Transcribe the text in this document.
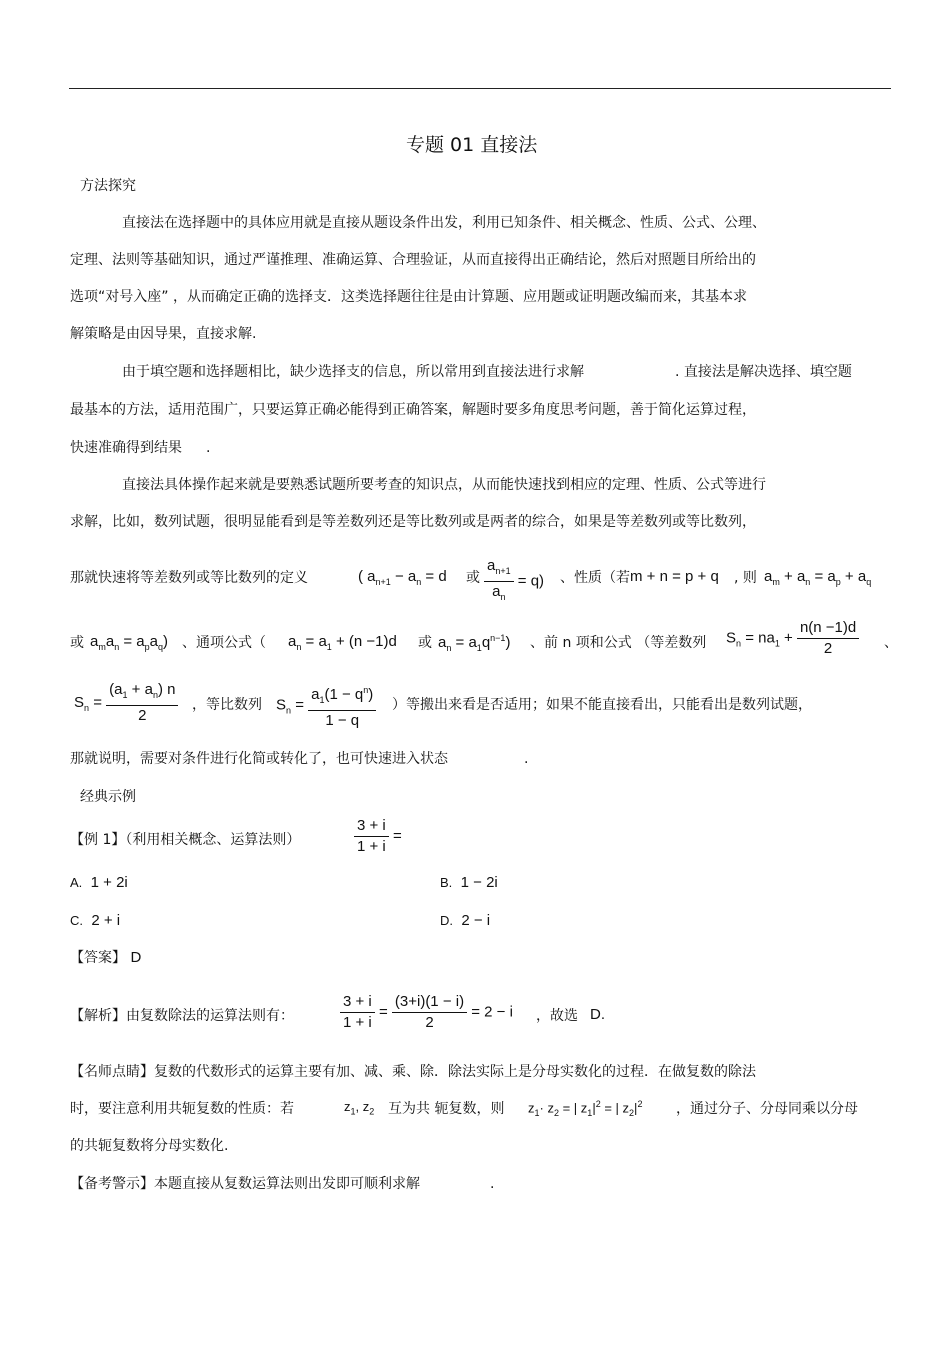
专题 01 直接法
方法探究
直接法在选择题中的具体应用就是直接从题设条件出发，利用已知条件、相关概念、性质、公式、公理、
定理、法则等基础知识，通过严谨推理、准确运算、合理验证，从而直接得出正确结论，然后对照题目所给出的
选项“对号入座” ，从而确定正确的选择支．这类选择题往往是由计算题、应用题或证明题改编而来，其基本求
解策略是由因导果，直接求解.
由于填空题和选择题相比，缺少选择支的信息，所以常用到直接法进行求解	. 直接法是解决选择、填空题
最基本的方法，适用范围广，只要运算正确必能得到正确答案，解题时要多角度思考问题，善于简化运算过程，
快速准确得到结果 .
直接法具体操作起来就是要熟悉试题所要考查的知识点，从而能快速找到相应的定理、性质、公式等进行
求解，比如，数列试题，很明显能看到是等差数列还是等比数列或是两者的综合，如果是等差数列或等比数列，
那就快速将等差数列或等比数列的定义	( $a_{n+1} - a_n = d$ 或 $\frac{a_{n+1}}{a_n} = q$) 、性质（若 m + n = p + q , 则 $a_m + a_n = a_p + a_q$
或 $a_ma_n = a_pa_q$) 、通项公式（ $a_n = a_1 + (n -1)d$ 或 $a_n = a_1q^{n-1}$) 、前 n 项和公式 （等差数列 $S_n = na_1 + \frac{n(n -1)d}{2}$ 、
$S_n = \frac{(a_1 + a_n) n}{2}$ ，等比数列 $S_n = \frac{a_1(1 - q^n)}{1 - q}$ ）等搬出来看是否适用；如果不能直接看出，只能看出是数列试题，
那就说明，需要对条件进行化简或转化了，也可快速进入状态	.
经典示例
【例 1】（利用相关概念、运算法则）	$\frac{3 + i}{1 + i}$ =
A. 1 + 2i	B. 1 − 2i
C. 2 + i	D. 2 − i
【答案】 D
【解析】由复数除法的运算法则有：	$\frac{3 + i}{1 + i} = \frac{(3+i)(1 - i)}{2} = 2 - i$ ，故选 D.
【名师点睛】复数的代数形式的运算主要有加、减、乘、除．除法实际上是分母实数化的过程．在做复数的除法
时，要注意利用共轭复数的性质：若	$z_1$, $z_2$ 互为共 轭复数，则 $z_1\cdot z_2$ = | $z_1|^2$ = | $z_2|^2$ ，通过分子、分母同乘以分母
的共轭复数将分母实数化.
【备考警示】本题直接从复数运算法则出发即可顺利求解	.
